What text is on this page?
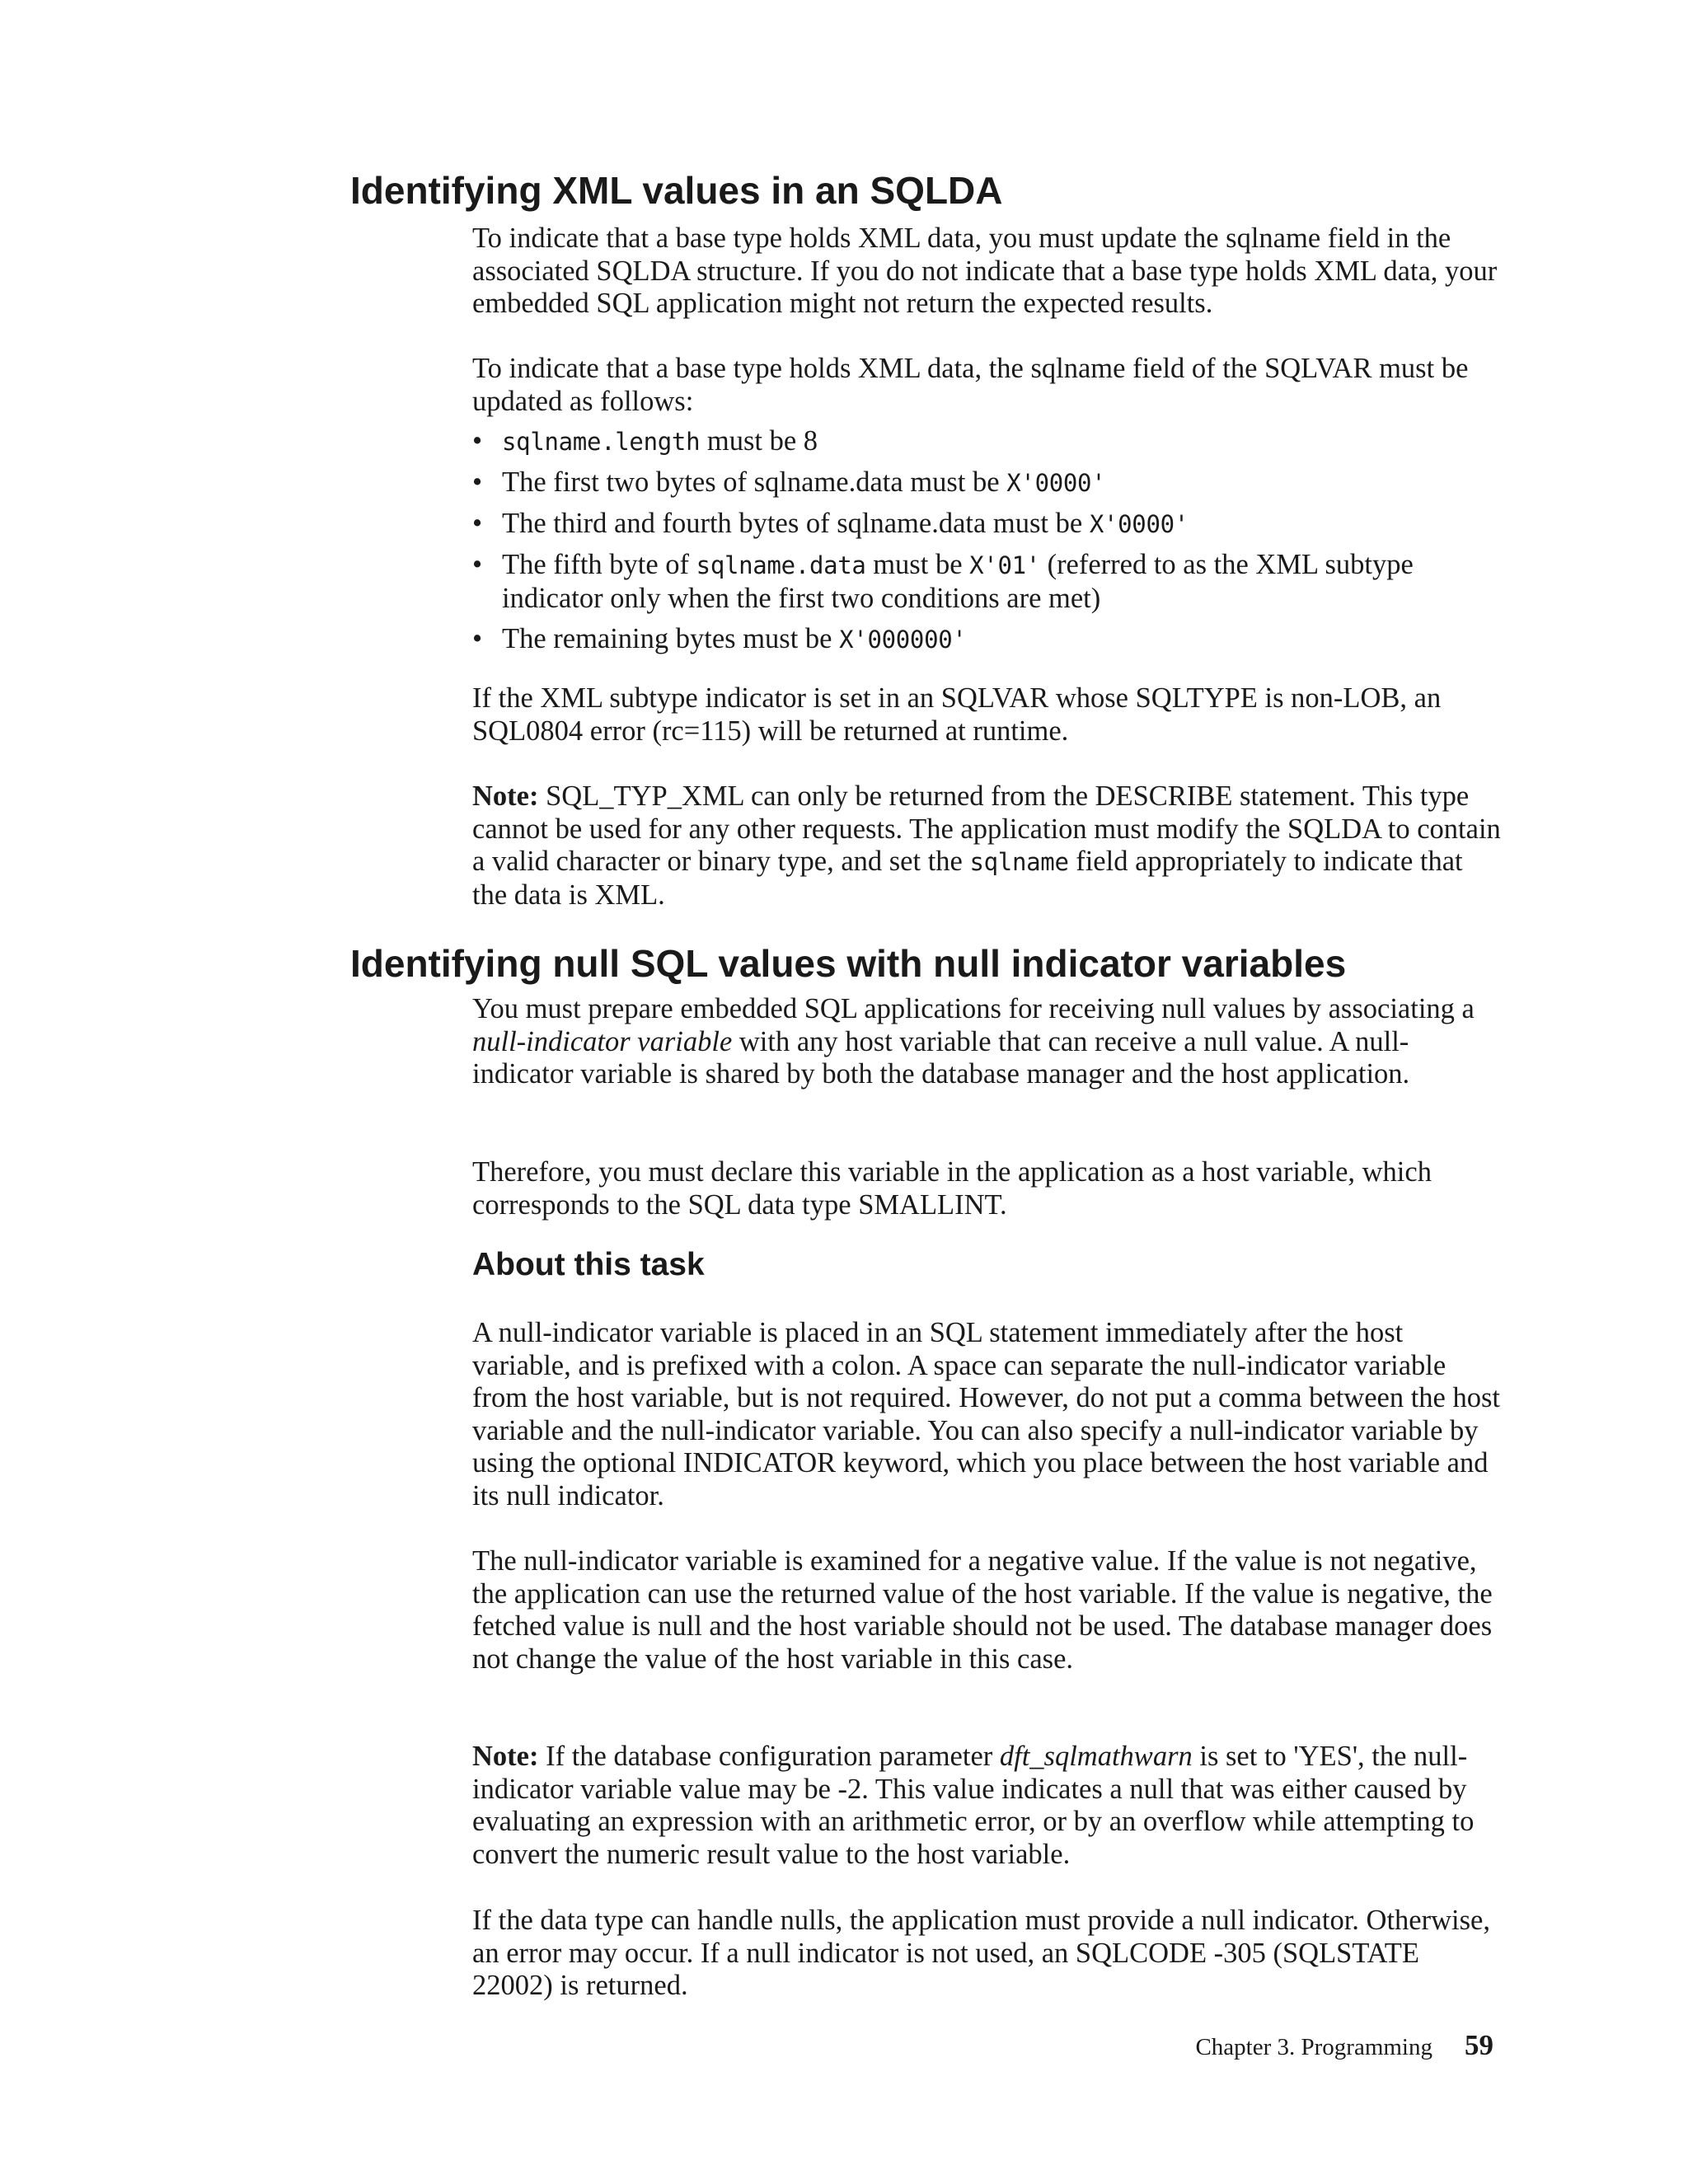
Identifying XML values in an SQLDA

To indicate that a base type holds XML data, you must update the sqlname field in the associated SQLDA structure. If you do not indicate that a base type holds XML data, your embedded SQL application might not return the expected results.

To indicate that a base type holds XML data, the sqlname field of the SQLVAR must be updated as follows:

• sqlname.length must be 8
• The first two bytes of sqlname.data must be X'0000'
• The third and fourth bytes of sqlname.data must be X'0000'
• The fifth byte of sqlname.data must be X'01' (referred to as the XML subtype indicator only when the first two conditions are met)
• The remaining bytes must be X'000000'

If the XML subtype indicator is set in an SQLVAR whose SQLTYPE is non-LOB, an SQL0804 error (rc=115) will be returned at runtime.

Note: SQL_TYP_XML can only be returned from the DESCRIBE statement. This type cannot be used for any other requests. The application must modify the SQLDA to contain a valid character or binary type, and set the sqlname field appropriately to indicate that the data is XML.

Identifying null SQL values with null indicator variables

You must prepare embedded SQL applications for receiving null values by associating a null-indicator variable with any host variable that can receive a null value. A null-indicator variable is shared by both the database manager and the host application.

Therefore, you must declare this variable in the application as a host variable, which corresponds to the SQL data type SMALLINT.

About this task

A null-indicator variable is placed in an SQL statement immediately after the host variable, and is prefixed with a colon. A space can separate the null-indicator variable from the host variable, but is not required. However, do not put a comma between the host variable and the null-indicator variable. You can also specify a null-indicator variable by using the optional INDICATOR keyword, which you place between the host variable and its null indicator.

The null-indicator variable is examined for a negative value. If the value is not negative, the application can use the returned value of the host variable. If the value is negative, the fetched value is null and the host variable should not be used. The database manager does not change the value of the host variable in this case.

Note: If the database configuration parameter dft_sqlmathwarn is set to 'YES', the null-indicator variable value may be -2. This value indicates a null that was either caused by evaluating an expression with an arithmetic error, or by an overflow while attempting to convert the numeric result value to the host variable.

If the data type can handle nulls, the application must provide a null indicator. Otherwise, an error may occur. If a null indicator is not used, an SQLCODE -305 (SQLSTATE 22002) is returned.

Chapter 3. Programming 59
